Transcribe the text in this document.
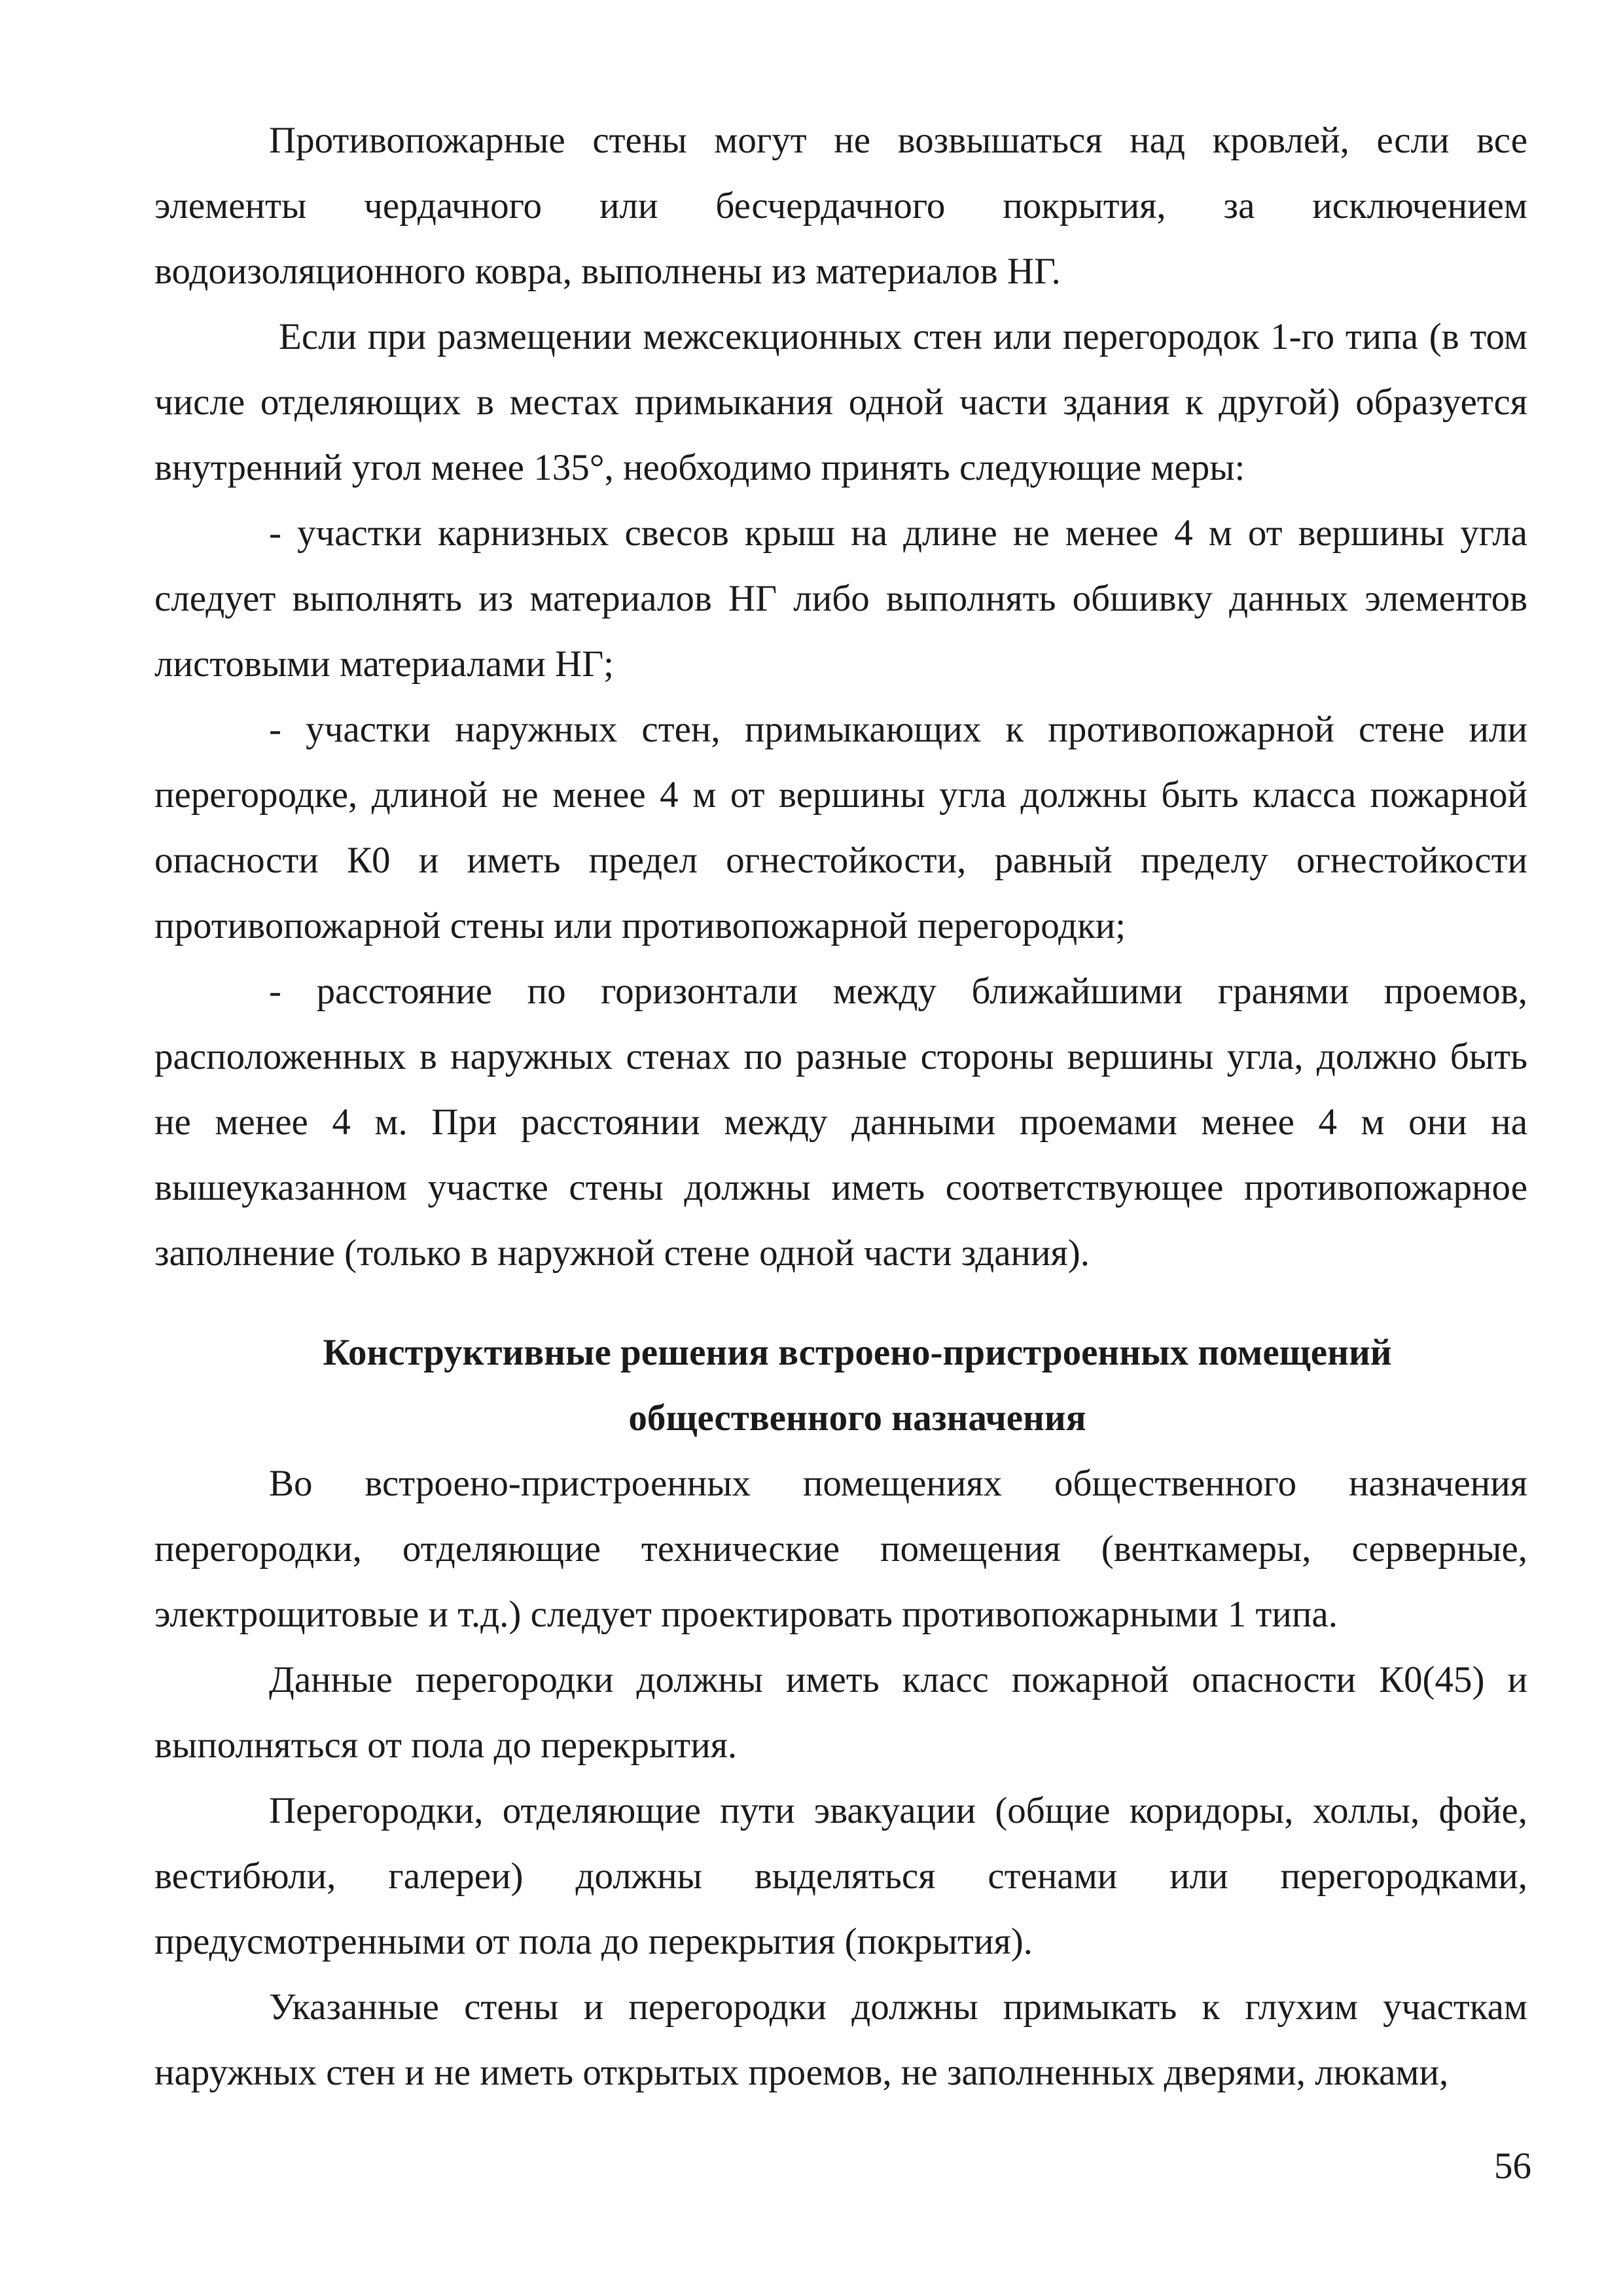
Противопожарные стены могут не возвышаться над кровлей, если все элементы чердачного или бесчердачного покрытия, за исключением водоизоляционного ковра, выполнены из материалов НГ.

Если при размещении межсекционных стен или перегородок 1-го типа (в том числе отделяющих в местах примыкания одной части здания к другой) образуется внутренний угол менее 135°, необходимо принять следующие меры:

- участки карнизных свесов крыш на длине не менее 4 м от вершины угла следует выполнять из материалов НГ либо выполнять обшивку данных элементов листовыми материалами НГ;

- участки наружных стен, примыкающих к противопожарной стене или перегородке, длиной не менее 4 м от вершины угла должны быть класса пожарной опасности К0 и иметь предел огнестойкости, равный пределу огнестойкости противопожарной стены или противопожарной перегородки;

- расстояние по горизонтали между ближайшими гранями проемов, расположенных в наружных стенах по разные стороны вершины угла, должно быть не менее 4 м. При расстоянии между данными проемами менее 4 м они на вышеуказанном участке стены должны иметь соответствующее противопожарное заполнение (только в наружной стене одной части здания).

Конструктивные решения встроено-пристроенных помещений общественного назначения

Во встроено-пристроенных помещениях общественного назначения перегородки, отделяющие технические помещения (венткамеры, серверные, электрощитовые и т.д.) следует проектировать противопожарными 1 типа.

Данные перегородки должны иметь класс пожарной опасности К0(45) и выполняться от пола до перекрытия.

Перегородки, отделяющие пути эвакуации (общие коридоры, холлы, фойе, вестибюли, галереи) должны выделяться стенами или перегородками, предусмотренными от пола до перекрытия (покрытия).

Указанные стены и перегородки должны примыкать к глухим участкам наружных стен и не иметь открытых проемов, не заполненных дверями, люками,

56
